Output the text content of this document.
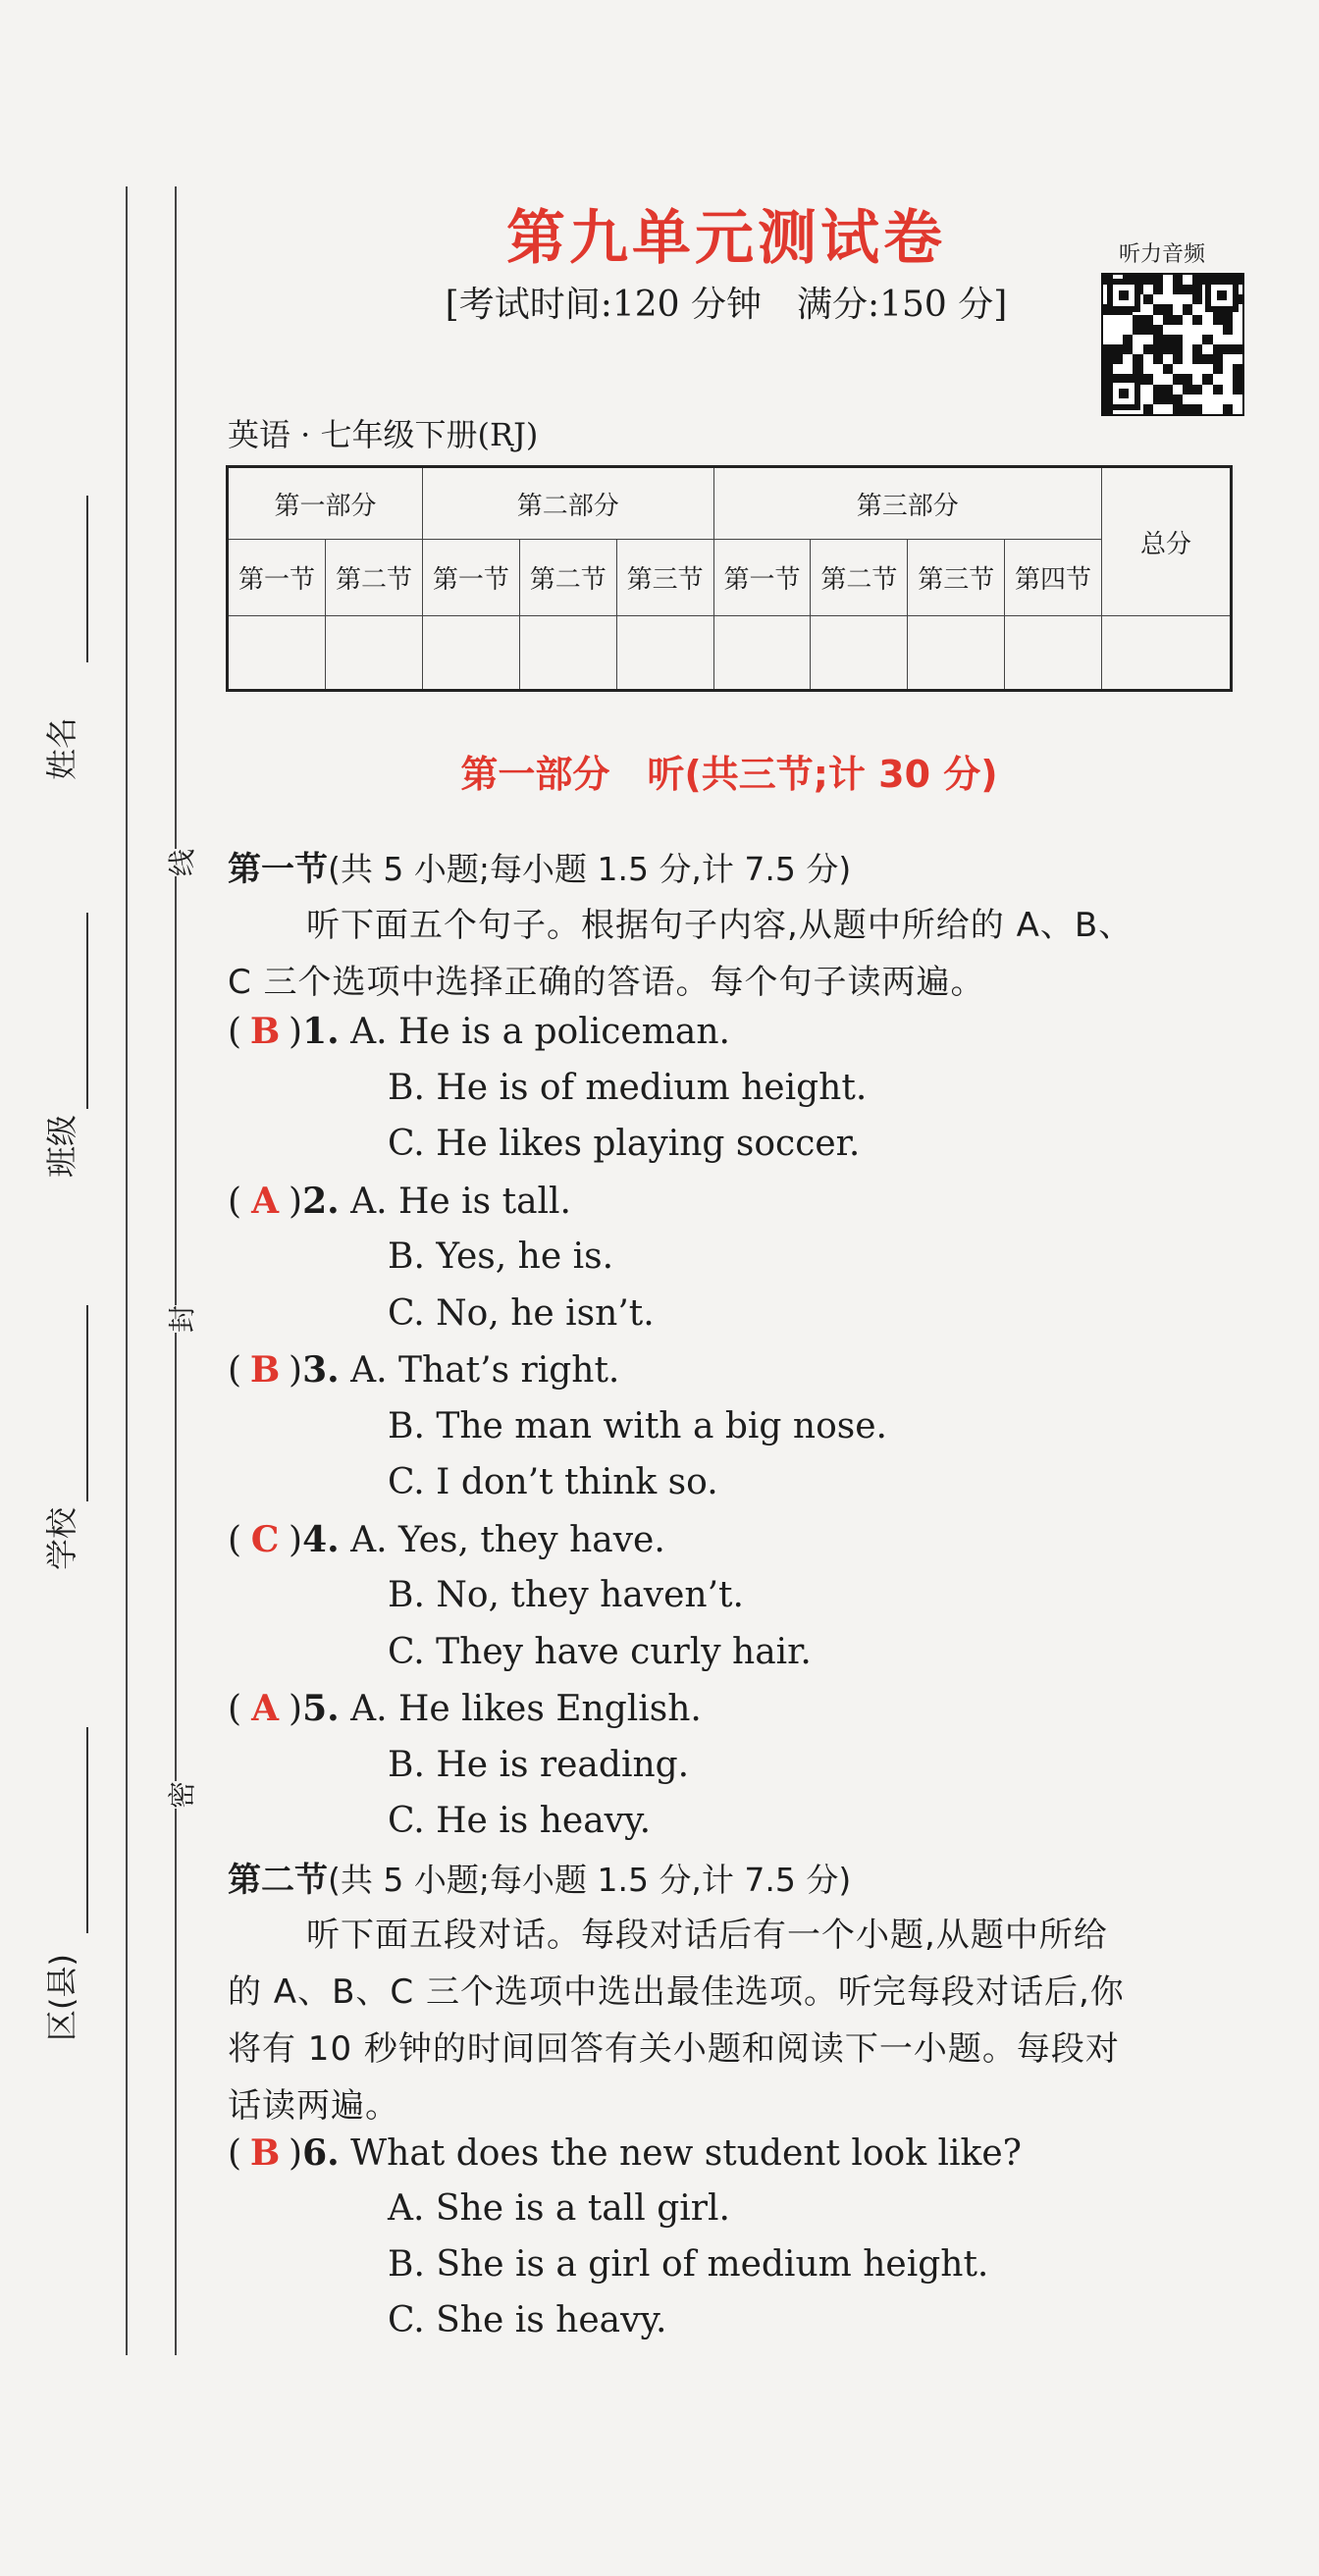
姓名
班级
学校
区(县)
线
封
密
第九单元测试卷
[考试时间:120 分钟　满分:150 分]
听力音频
英语 · 七年级下册(RJ)
第一部分		第二部分			第三部分				总分
第一节	第二节	第一节	第二节	第三节	第一节	第二节	第三节	第四节	

第一部分　听(共三节;计 30 分)
第一节(共 5 小题;每小题 1.5 分,计 7.5 分)
听下面五个句子。根据句子内容,从题中所给的 A、B、
C 三个选项中选择正确的答语。每个句子读两遍。
( B )1. A. He is a policeman.
B. He is of medium height.
C. He likes playing soccer.
( A )2. A. He is tall.
B. Yes, he is.
C. No, he isn’t.
( B )3. A. That’s right.
B. The man with a big nose.
C. I don’t think so.
( C )4. A. Yes, they have.
B. No, they haven’t.
C. They have curly hair.
( A )5. A. He likes English.
B. He is reading.
C. He is heavy.
第二节(共 5 小题;每小题 1.5 分,计 7.5 分)
听下面五段对话。每段对话后有一个小题,从题中所给
的 A、B、C 三个选项中选出最佳选项。听完每段对话后,你
将有 10 秒钟的时间回答有关小题和阅读下一小题。每段对
话读两遍。
( B )6. What does the new student look like?
A. She is a tall girl.
B. She is a girl of medium height.
C. She is heavy.
